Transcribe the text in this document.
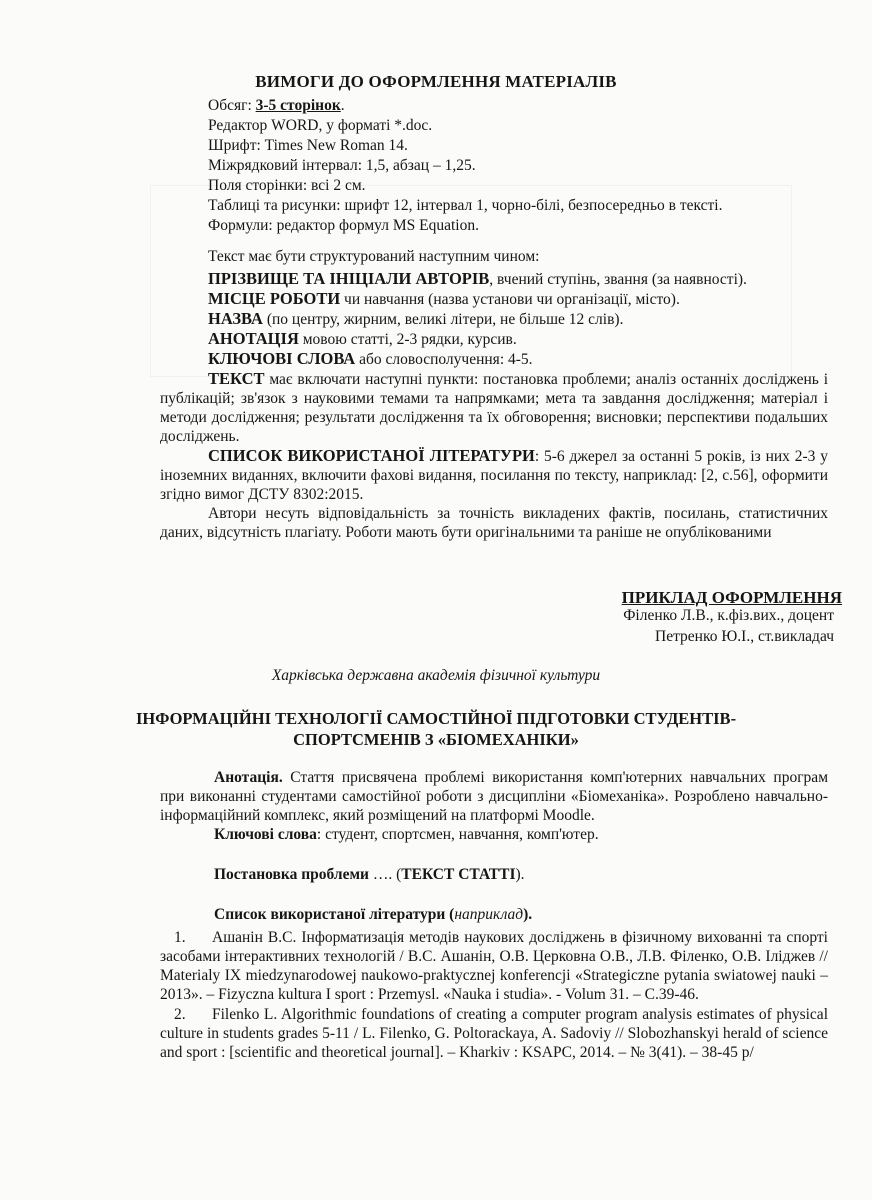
ВИМОГИ ДО ОФОРМЛЕННЯ МАТЕРІАЛІВ
Обсяг: 3-5 сторінок.
Редактор WORD, у форматі *.doc.
Шрифт: Times New Roman 14.
Міжрядковий інтервал: 1,5, абзац – 1,25.
Поля сторінки: всі 2 см.
Таблиці та рисунки: шрифт 12, інтервал 1, чорно-білі, безпосередньо в тексті.
Формули: редактор формул MS Equation.

Текст має бути структурований наступним чином:

ПРІЗВИЩЕ ТА ІНІЦІАЛИ АВТОРІВ, вчений ступінь, звання (за наявності).

МІСЦЕ РОБОТИ чи навчання (назва установи чи організації, місто).

НАЗВА (по центру, жирним, великі літери, не більше 12 слів).

АНОТАЦІЯ мовою статті, 2-3 рядки, курсив.

КЛЮЧОВІ СЛОВА або словосполучення: 4-5.

ТЕКСТ має включати наступні пункти: постановка проблеми; аналіз останніх досліджень і публікацій; зв'язок з науковими темами та напрямками; мета та завдання дослідження; матеріал і методи дослідження; результати дослідження та їх обговорення; висновки; перспективи подальших досліджень.

СПИСОК ВИКОРИСТАНОЇ ЛІТЕРАТУРИ: 5-6 джерел за останні 5 років, із них 2-3 у іноземних виданнях, включити фахові видання, посилання по тексту, наприклад: [2, с.56], оформити згідно вимог ДСТУ 8302:2015.

Автори несуть відповідальність за точність викладених фактів, посилань, статистичних даних, відсутність плагіату. Роботи мають бути оригінальними та раніше не опублікованими

ПРИКЛАД ОФОРМЛЕННЯ
Філенко Л.В., к.фіз.вих., доцент
Петренко Ю.І., ст.викладач
Харківська державна академія фізичної культури
ІНФОРМАЦІЙНІ ТЕХНОЛОГІЇ САМОСТІЙНОЇ ПІДГОТОВКИ СТУДЕНТІВ-
СПОРТСМЕНІВ З «БІОМЕХАНІКИ»

Анотація. Стаття присвячена проблемі використання комп'ютерних навчальних програм при виконанні студентами самостійної роботи з дисципліни «Біомеханіка». Розроблено навчально-інформаційний комплекс, який розміщений на платформі Moodle.

Ключові слова: студент, спортсмен, навчання, комп'ютер.

Постановка проблеми …. (ТЕКСТ СТАТТІ).
Список використаної літератури (наприклад).

1. Ашанін В.С. Інформатизація методів наукових досліджень в фізичному вихованні та спорті засобами інтерактивних технологій / В.С. Ашанін, О.В. Церковна О.В., Л.В. Філенко, О.В. Іліджев // Materialy IX miedzynarodowej naukowo-praktycznej konferencji «Strategiczne pytania swiatowej nauki – 2013». – Fizyczna kultura I sport : Przemysl. «Nauka i studia». - Volum 31. – С.39-46.

2. Filenko L. Algorithmic foundations of creating a computer program analysis estimates of physical culture in students grades 5-11 / L. Filenko, G. Poltorackaya, A. Sadoviy // Slobozhanskyi herald of science and sport : [scientific and theoretical journal]. – Kharkiv : KSAPC, 2014. – № 3(41). – 38-45 р/
